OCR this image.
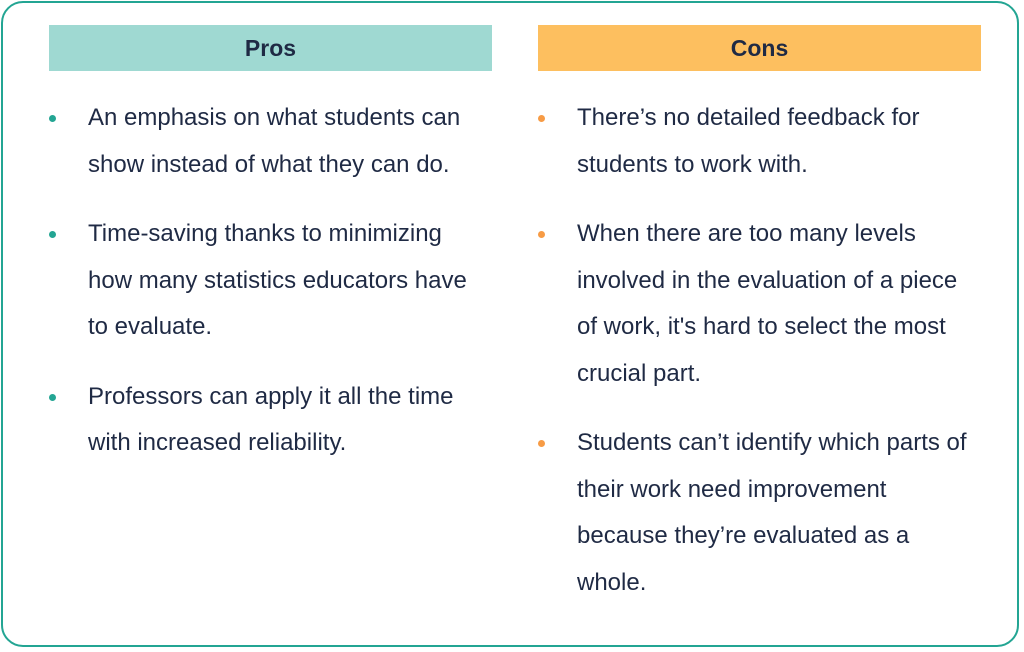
Pros
An emphasis on what students can show instead of what they can do.
Time-saving thanks to minimizing how many statistics educators have to evaluate.
Professors can apply it all the time with increased reliability.
Cons
There’s no detailed feedback for students to work with.
When there are too many levels involved in the evaluation of a piece of work, it's hard to select the most crucial part.
Students can’t identify which parts of their work need improvement because they’re evaluated as a whole.
